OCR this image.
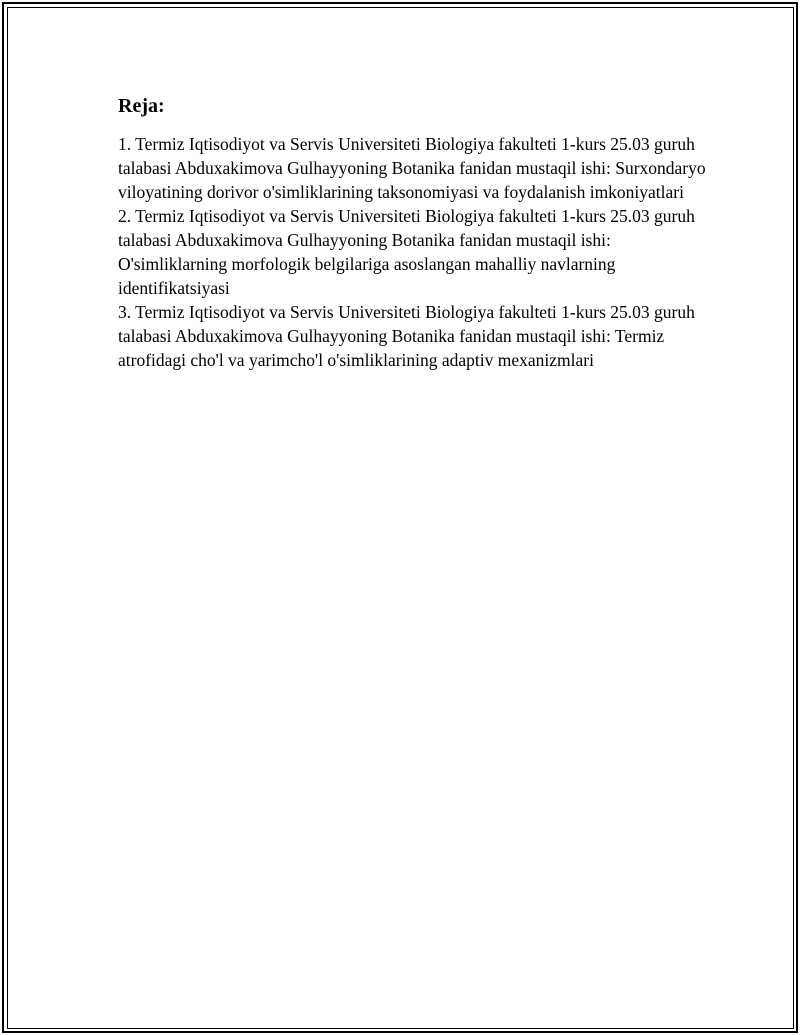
Reja:
1. Termiz Iqtisodiyot va Servis Universiteti Biologiya fakulteti 1-kurs 25.03 guruh talabasi Abduxakimova Gulhayyoning Botanika fanidan mustaqil ishi: Surxondaryo viloyatining dorivor o'simliklarining taksonomiyasi va foydalanish imkoniyatlari
2. Termiz Iqtisodiyot va Servis Universiteti Biologiya fakulteti 1-kurs 25.03 guruh talabasi Abduxakimova Gulhayyoning Botanika fanidan mustaqil ishi: O'simliklarning morfologik belgilariga asoslangan mahalliy navlarning identifikatsiyasi
3. Termiz Iqtisodiyot va Servis Universiteti Biologiya fakulteti 1-kurs 25.03 guruh talabasi Abduxakimova Gulhayyoning Botanika fanidan mustaqil ishi: Termiz atrofidagi cho'l va yarimcho'l o'simliklarining adaptiv mexanizmlari
